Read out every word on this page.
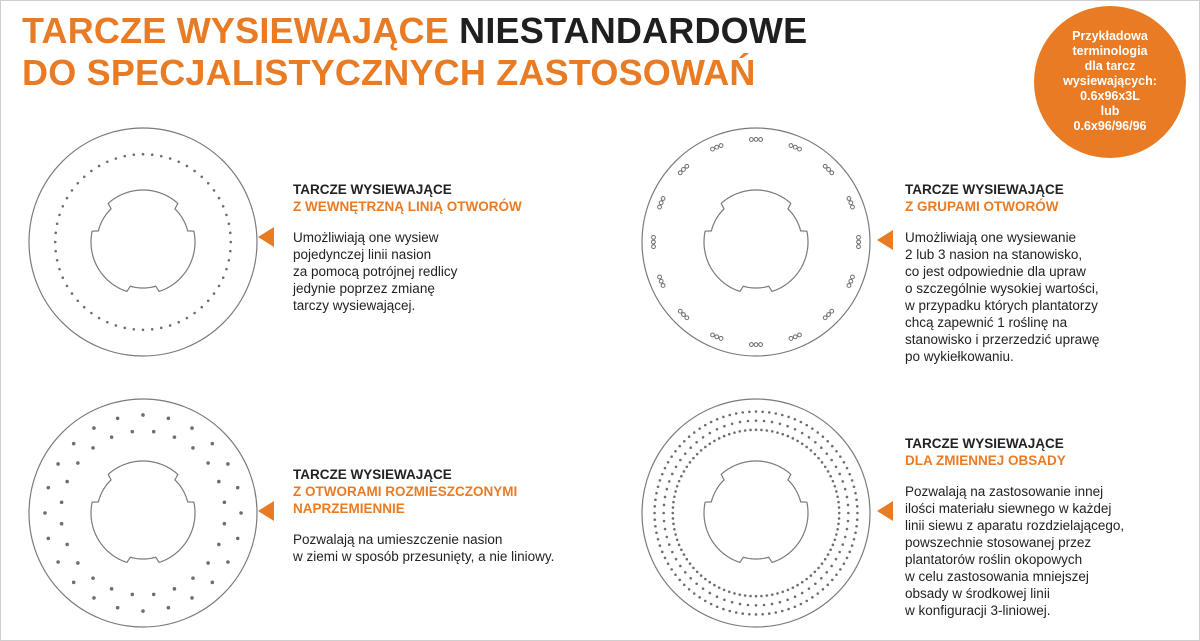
TARCZE WYSIEWAJĄCE NIESTANDARDOWE
DO SPECJALISTYCZNYCH ZASTOSOWAŃ
Przykładowa
terminologia
dla tarcz
wysiewających:
0.6x96x3L
lub
0.6x96/96/96
TARCZE WYSIEWAJĄCE
Z WEWNĘTRZNĄ LINIĄ OTWORÓW
Umożliwiają one wysiew
pojedynczej linii nasion
za pomocą potrójnej redlicy
jedynie poprzez zmianę
tarczy wysiewającej.
TARCZE WYSIEWAJĄCE
Z GRUPAMI OTWORÓW
Umożliwiają one wysiewanie
2 lub 3 nasion na stanowisko,
co jest odpowiednie dla upraw
o szczególnie wysokiej wartości,
w przypadku których plantatorzy
chcą zapewnić 1 roślinę na
stanowisko i przerzedzić uprawę
po wykiełkowaniu.
TARCZE WYSIEWAJĄCE
Z OTWORAMI ROZMIESZCZONYMI
NAPRZEMIENNIE
Pozwalają na umieszczenie nasion
w ziemi w sposób przesunięty, a nie liniowy.
TARCZE WYSIEWAJĄCE
DLA ZMIENNEJ OBSADY
Pozwalają na zastosowanie innej
ilości materiału siewnego w każdej
linii siewu z aparatu rozdzielającego,
powszechnie stosowanej przez
plantatorów roślin okopowych
w celu zastosowania mniejszej
obsady w środkowej linii
w konfiguracji 3-liniowej.
